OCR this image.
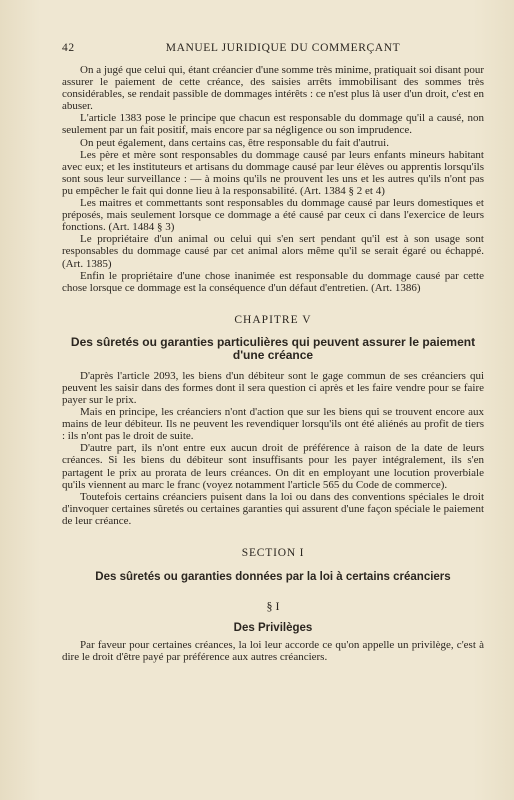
42	MANUEL JURIDIQUE DU COMMERÇANT

On a jugé que celui qui, étant créancier d'une somme très minime, pratiquait soi disant pour assurer le paiement de cette créance, des saisies arrêts immobilisant des sommes très considérables, se rendait passible de dommages intérêts : ce n'est plus là user d'un droit, c'est en abuser.

L'article 1383 pose le principe que chacun est responsable du dommage qu'il a causé, non seulement par un fait positif, mais encore par sa négligence ou son imprudence.

On peut également, dans certains cas, être responsable du fait d'autrui.

Les père et mère sont responsables du dommage causé par leurs enfants mineurs habitant avec eux; et les instituteurs et artisans du dommage causé par leur élèves ou apprentis lorsqu'ils sont sous leur surveillance : — à moins qu'ils ne prouvent les uns et les autres qu'ils n'ont pas pu empêcher le fait qui donne lieu à la responsabilité. (Art. 1384 § 2 et 4)

Les maitres et commettants sont responsables du dommage causé par leurs domestiques et préposés, mais seulement lorsque ce dommage a été causé par ceux ci dans l'exercice de leurs fonctions. (Art. 1484 § 3)

Le propriétaire d'un animal ou celui qui s'en sert pendant qu'il est à son usage sont responsables du dommage causé par cet animal alors même qu'il se serait égaré ou échappé. (Art. 1385)

Enfin le propriétaire d'une chose inanimée est responsable du dommage causé par cette chose lorsque ce dommage est la conséquence d'un défaut d'entretien. (Art. 1386)

CHAPITRE V
Des sûretés ou garanties particulières qui peuvent assurer le paiement d'une créance

D'après l'article 2093, les biens d'un débiteur sont le gage commun de ses créanciers qui peuvent les saisir dans des formes dont il sera question ci après et les faire vendre pour se faire payer sur le prix.

Mais en principe, les créanciers n'ont d'action que sur les biens qui se trouvent encore aux mains de leur débiteur. Ils ne peuvent les revendiquer lorsqu'ils ont été aliénés au profit de tiers : ils n'ont pas le droit de suite.

D'autre part, ils n'ont entre eux aucun droit de préférence à raison de la date de leurs créances. Si les biens du débiteur sont insuffisants pour les payer intégralement, ils s'en partagent le prix au prorata de leurs créances. On dit en employant une locution proverbiale qu'ils viennent au marc le franc (voyez notamment l'article 565 du Code de commerce).

Toutefois certains créanciers puisent dans la loi ou dans des conventions spéciales le droit d'invoquer certaines sûretés ou certaines garanties qui assurent d'une façon spéciale le paiement de leur créance.

SECTION I
Des sûretés ou garanties données par la loi à certains créanciers
§ I
Des Privilèges

Par faveur pour certaines créances, la loi leur accorde ce qu'on appelle un privilège, c'est à dire le droit d'être payé par préférence aux autres créanciers.
